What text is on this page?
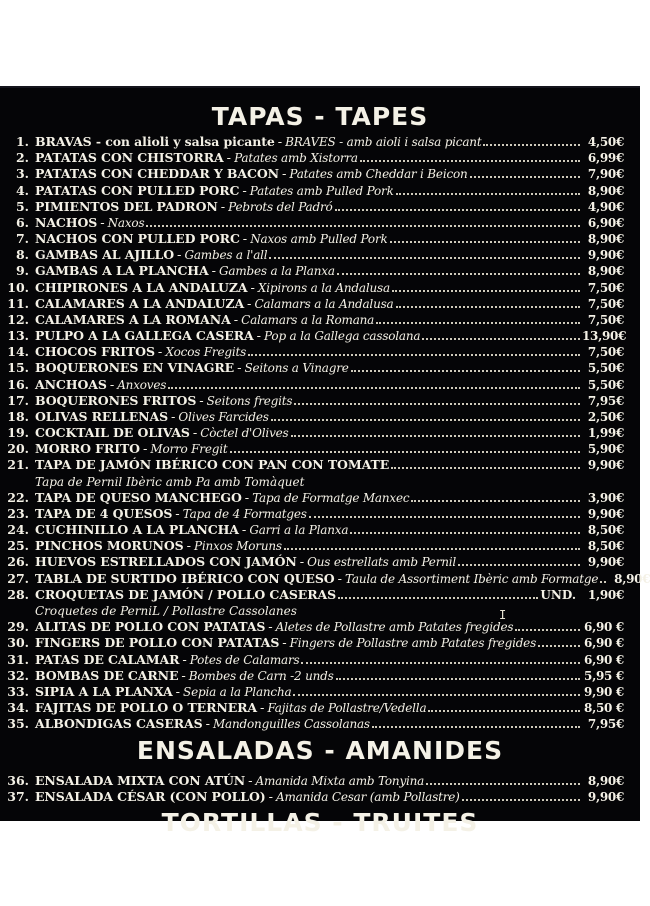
TAPAS - TAPES
1. BRAVAS - con alioli y salsa picante - BRAVES - amb aioli i salsa picant	4,50€
2. PATATAS CON CHISTORRA - Patates amb Xistorra	6,99€
3. PATATAS CON CHEDDAR Y BACON - Patates amb Cheddar i Beicon	7,90€
4. PATATAS CON PULLED PORC - Patates amb Pulled Pork	8,90€
5. PIMIENTOS DEL PADRON - Pebrots del Padró	4,90€
6. NACHOS - Naxos	6,90€
7. NACHOS CON PULLED PORC - Naxos amb Pulled Pork	8,90€
8. GAMBAS AL AJILLO - Gambes a l'all	9,90€
9. GAMBAS A LA PLANCHA - Gambes a la Planxa	8,90€
10. CHIPIRONES A LA ANDALUZA - Xipirons a la Andalusa	7,50€
11. CALAMARES A LA ANDALUZA - Calamars a la Andalusa	7,50€
12. CALAMARES A LA ROMANA - Calamars a la Romana	7,50€
13. PULPO A LA GALLEGA CASERA - Pop a la Gallega cassolana	13,90€
14. CHOCOS FRITOS - Xocos Fregits	7,50€
15. BOQUERONES EN VINAGRE - Seitons a Vinagre	5,50€
16. ANCHOAS - Anxoves	5,50€
17. BOQUERONES FRITOS - Seitons fregits	7,95€
18. OLIVAS RELLENAS - Olives Farcides	2,50€
19. COCKTAIL DE OLIVAS - Còctel d'Olives	1,99€
20. MORRO FRITO - Morro Fregit	5,90€
21. TAPA DE JAMÓN IBÉRICO CON PAN CON TOMATE	9,90€
Tapa de Pernil Ibèric amb Pa amb Tomàquet
22. TAPA DE QUESO MANCHEGO - Tapa de Formatge Manxec	3,90€
23. TAPA DE 4 QUESOS - Tapa de 4 Formatges	9,90€
24. CUCHINILLO A LA PLANCHA - Garri a la Planxa	8,50€
25. PINCHOS MORUNOS - Pinxos Moruns	8,50€
26. HUEVOS ESTRELLADOS CON JAMÓN - Ous estrellats amb Pernil	9,90€
27. TABLA DE SURTIDO IBÉRICO CON QUESO - Taula de Assortiment Ibèric amb Formatge	8,90€
28. CROQUETAS DE JAMÓN / POLLO CASERAS	UND. 1,90€
Croquetes de PerniL / Pollastre Cassolanes
29. ALITAS DE POLLO CON PATATAS - Aletes de Pollastre amb Patates fregides	6,90 €
30. FINGERS DE POLLO CON PATATAS - Fingers de Pollastre amb Patates fregides	6,90 €
31. PATAS DE CALAMAR - Potes de Calamars	6,90 €
32. BOMBAS DE CARNE - Bombes de Carn -2 unds	5,95 €
33. SIPIA A LA PLANXA - Sepia a la Plancha	9,90 €
34. FAJITAS DE POLLO O TERNERA - Fajitas de Pollastre/Vedella	8,50 €
35. ALBONDIGAS CASERAS - Mandonguilles Cassolanas	7,95€
ENSALADAS - AMANIDES
36. ENSALADA MIXTA CON ATÚN - Amanida Mixta amb Tonyina	8,90€
37. ENSALADA CÉSAR (CON POLLO) - Amanida Cesar (amb Pollastre)	9,90€
TORTILLAS - TRUITES
I
